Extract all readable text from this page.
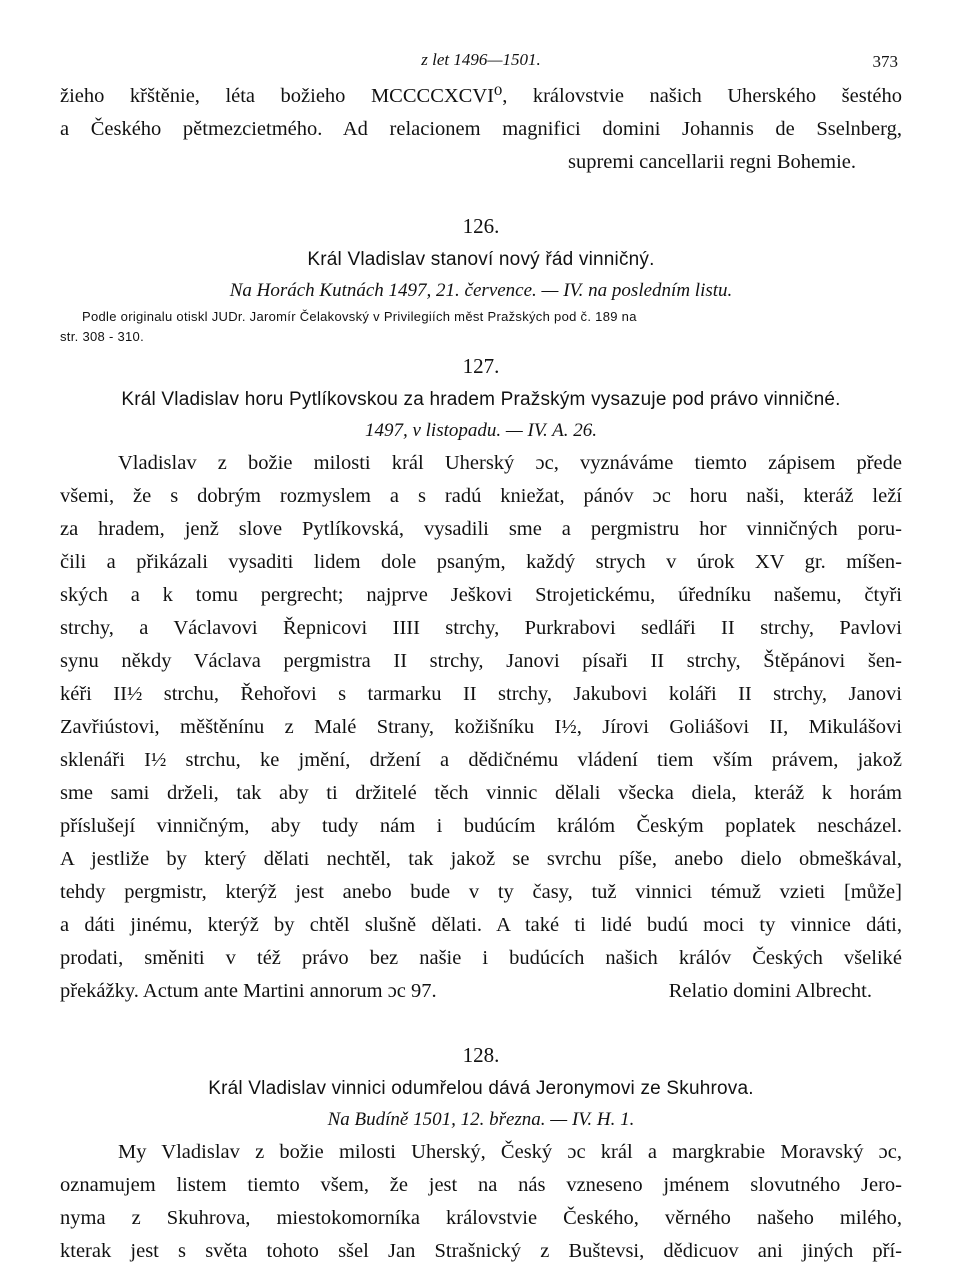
z let 1496—1501.	373
žieho křštěnie, léta božieho MCCCCXCVI⁰, královstvie našich Uherského šestého
a Českého pětmezcietmého. Ad relacionem magnifici domini Johannis de Sselnberg,
supremi cancellarii regni Bohemie.
126.
Král Vladislav stanoví nový řád vinničný.
Na Horách Kutnách 1497, 21. července. — IV. na posledním listu.
Podle originalu otiskl JUDr. Jaromír Čelakovský v Privilegiích měst Pražských pod č. 189 na
str. 308 - 310.
127.
Král Vladislav horu Pytlíkovskou za hradem Pražským vysazuje pod právo vinničné.
1497, v listopadu. — IV. A. 26.
Vladislav z božie milosti král Uherský ɔc, vyznáváme tiemto zápisem přede
všemi, že s dobrým rozmyslem a s radú kniežat, pánóv ɔc horu naši, kteráž leží
za hradem, jenž slove Pytlíkovská, vysadili sme a pergmistru hor vinničných poru-
čili a přikázali vysaditi lidem dole psaným, každý strych v úrok XV gr. míšen-
ských a k tomu pergrecht; najprve Ješkovi Strojetickému, úředníku našemu, čtyři
strchy, a Václavovi Řepnicovi IIII strchy, Purkrabovi sedláři II strchy, Pavlovi
synu někdy Václava pergmistra II strchy, Janovi písaři II strchy, Štěpánovi šen-
kéři II½ strchu, Řehořovi s tarmarku II strchy, Jakubovi koláři II strchy, Janovi
Zavřiústovi, měštěnínu z Malé Strany, kožišníku I½, Jírovi Goliášovi II, Mikulášovi
sklenáři I½ strchu, ke jmění, držení a dědičnému vládení tiem vším právem, jakož
sme sami drželi, tak aby ti držitelé těch vinnic dělali všecka diela, kteráž k horám
příslušejí vinničným, aby tudy nám i budúcím králóm Českým poplatek nescházel.
A jestliže by který dělati nechtěl, tak jakož se svrchu píše, anebo dielo obmeškával,
tehdy pergmistr, kterýž jest anebo bude v ty časy, tuž vinnici témuž vzieti [může]
a dáti jinému, kterýž by chtěl slušně dělati. A také ti lidé budú moci ty vinnice dáti,
prodati, směniti v též právo bez našie i budúcích našich králóv Českých všeliké
překážky. Actum ante Martini annorum ɔc 97.	Relatio domini Albrecht.
128.
Král Vladislav vinnici odumřelou dává Jeronymovi ze Skuhrova.
Na Budíně 1501, 12. března. — IV. H. 1.
My Vladislav z božie milosti Uherský, Český ɔc král a margkrabie Moravský ɔc,
oznamujem listem tiemto všem, že jest na nás vzneseno jménem slovutného Jero-
nyma z Skuhrova, miestokomorníka královstvie Českého, věrného našeho milého,
kterak jest s světa tohoto sšel Jan Strašnický z Buštevsi, dědicuov ani jiných pří-
